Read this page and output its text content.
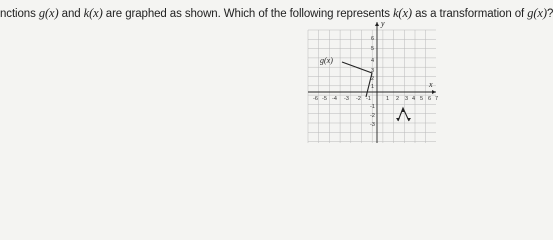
nctions g(x) and k(x) are graphed as shown. Which of the following represents k(x) as a transformation of g(x)?
y
x
g(x)
-6 -5 -4 -3 -2 -1	1 2 3 4 5 6 7
1
2
3
4
5
6
-1
-2
-3
